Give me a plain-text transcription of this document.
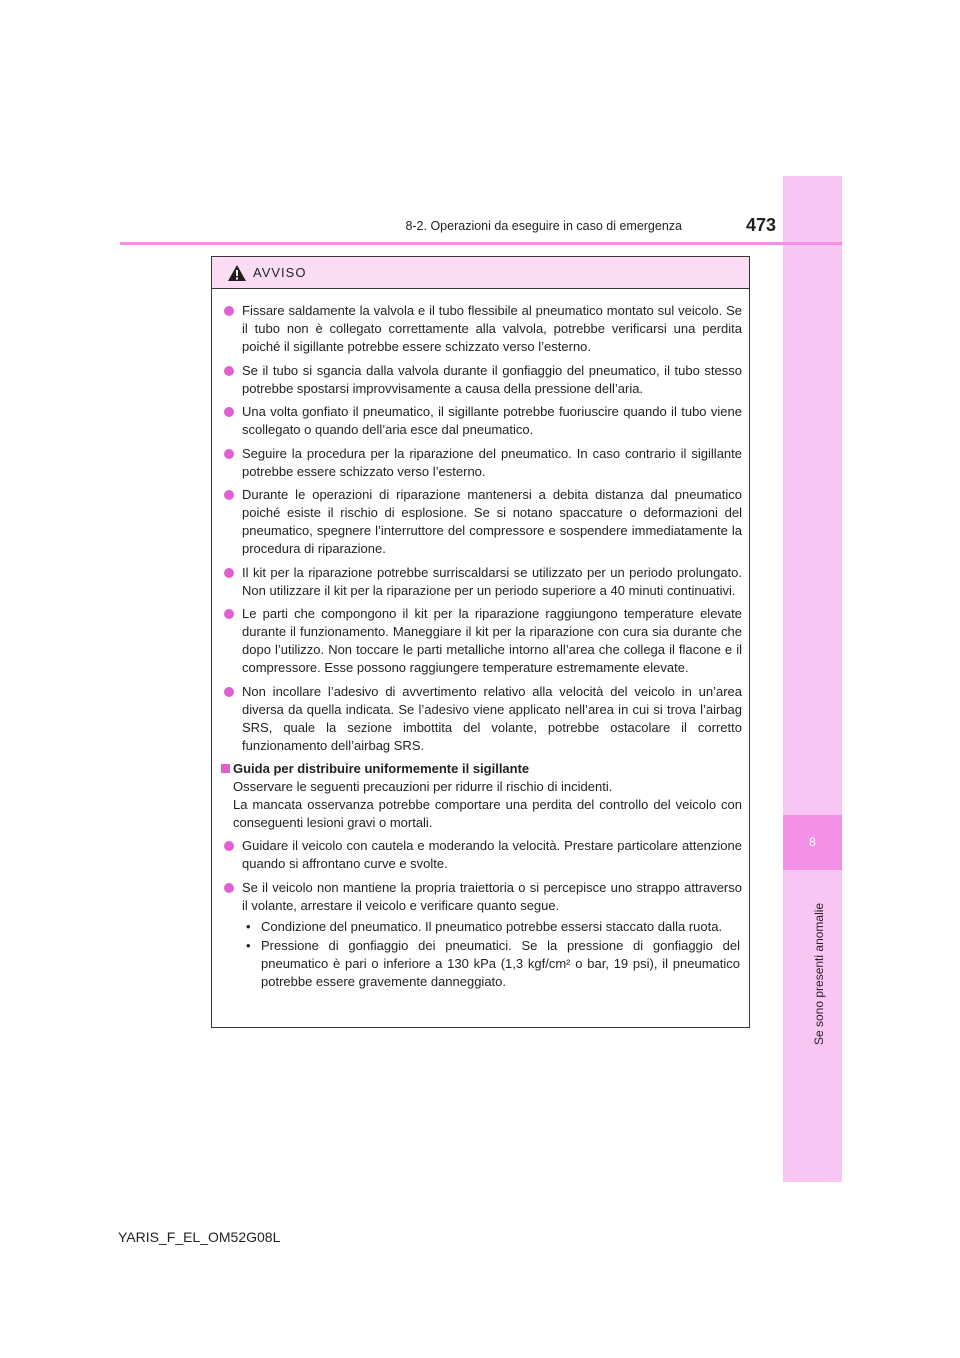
8
Se sono presenti anomalie
8-2. Operazioni da eseguire in caso di emergenza	473
AVVISO
Fissare saldamente la valvola e il tubo flessibile al pneumatico montato sul veicolo. Se il tubo non è collegato correttamente alla valvola, potrebbe verificarsi una perdita poiché il sigillante potrebbe essere schizzato verso l’esterno.
Se il tubo si sgancia dalla valvola durante il gonfiaggio del pneumatico, il tubo stesso potrebbe spostarsi improvvisamente a causa della pressione dell’aria.
Una volta gonfiato il pneumatico, il sigillante potrebbe fuoriuscire quando il tubo viene scollegato o quando dell’aria esce dal pneumatico.
Seguire la procedura per la riparazione del pneumatico. In caso contrario il sigillante potrebbe essere schizzato verso l’esterno.
Durante le operazioni di riparazione mantenersi a debita distanza dal pneumatico poiché esiste il rischio di esplosione. Se si notano spaccature o deformazioni del pneumatico, spegnere l’interruttore del compressore e sospendere immediatamente la procedura di riparazione.
Il kit per la riparazione potrebbe surriscaldarsi se utilizzato per un periodo prolungato. Non utilizzare il kit per la riparazione per un periodo superiore a 40 minuti continuativi.
Le parti che compongono il kit per la riparazione raggiungono temperature elevate durante il funzionamento. Maneggiare il kit per la riparazione con cura sia durante che dopo l’utilizzo. Non toccare le parti metalliche intorno all’area che collega il flacone e il compressore. Esse possono raggiungere temperature estremamente elevate.
Non incollare l’adesivo di avvertimento relativo alla velocità del veicolo in un’area diversa da quella indicata. Se l’adesivo viene applicato nell’area in cui si trova l’airbag SRS, quale la sezione imbottita del volante, potrebbe ostacolare il corretto funzionamento dell’airbag SRS.
Guida per distribuire uniformemente il sigillante
Osservare le seguenti precauzioni per ridurre il rischio di incidenti.
La mancata osservanza potrebbe comportare una perdita del controllo del veicolo con conseguenti lesioni gravi o mortali.
Guidare il veicolo con cautela e moderando la velocità. Prestare particolare attenzione quando si affrontano curve e svolte.
Se il veicolo non mantiene la propria traiettoria o si percepisce uno strappo attraverso il volante, arrestare il veicolo e verificare quanto segue.
• Condizione del pneumatico. Il pneumatico potrebbe essersi staccato dalla ruota.
• Pressione di gonfiaggio dei pneumatici. Se la pressione di gonfiaggio del pneumatico è pari o inferiore a 130 kPa (1,3 kgf/cm² o bar, 19 psi), il pneumatico potrebbe essere gravemente danneggiato.
YARIS_F_EL_OM52G08L
